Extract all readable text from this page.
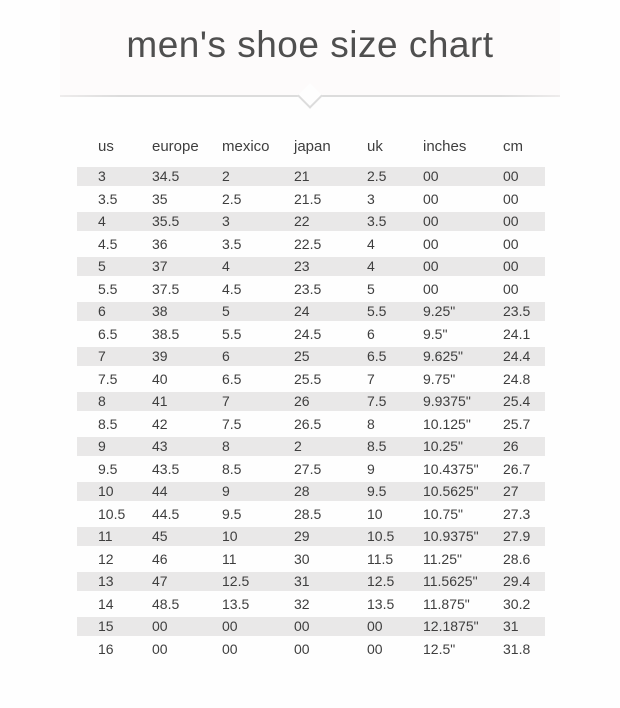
men's shoe size chart
us	europe	mexico	japan	uk	inches	cm
3	34.5	2	21	2.5	00	00
3.5	35	2.5	21.5	3	00	00
4	35.5	3	22	3.5	00	00
4.5	36	3.5	22.5	4	00	00
5	37	4	23	4	00	00
5.5	37.5	4.5	23.5	5	00	00
6	38	5	24	5.5	9.25"	23.5
6.5	38.5	5.5	24.5	6	9.5"	24.1
7	39	6	25	6.5	9.625"	24.4
7.5	40	6.5	25.5	7	9.75"	24.8
8	41	7	26	7.5	9.9375"	25.4
8.5	42	7.5	26.5	8	10.125"	25.7
9	43	8	2	8.5	10.25"	26
9.5	43.5	8.5	27.5	9	10.4375"	26.7
10	44	9	28	9.5	10.5625"	27
10.5	44.5	9.5	28.5	10	10.75"	27.3
11	45	10	29	10.5	10.9375"	27.9
12	46	11	30	11.5	11.25"	28.6
13	47	12.5	31	12.5	11.5625"	29.4
14	48.5	13.5	32	13.5	11.875"	30.2
15	00	00	00	00	12.1875"	31
16	00	00	00	00	12.5"	31.8
